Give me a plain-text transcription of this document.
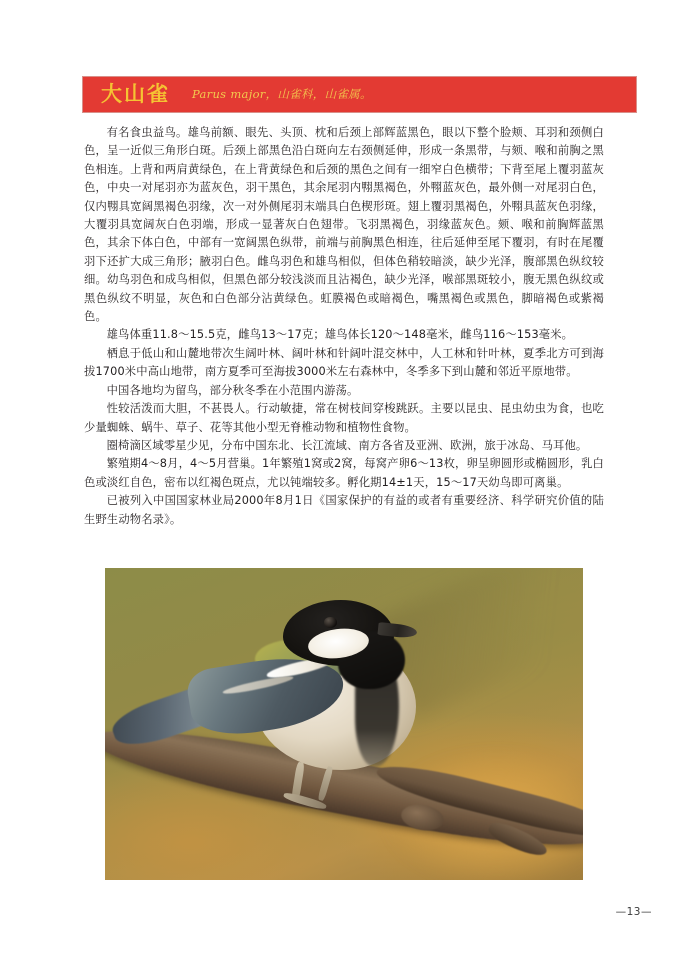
大山雀 Parus major，山雀科，山雀属。

有名食虫益鸟。雄鸟前额、眼先、头顶、枕和后颈上部辉蓝黑色，眼以下整个脸颊、耳羽和颈侧白色，呈一近似三角形白斑。后颈上部黑色沿白斑向左右颈侧延伸，形成一条黑带，与颏、喉和前胸之黑色相连。上背和两肩黄绿色，在上背黄绿色和后颈的黑色之间有一细窄白色横带；下背至尾上覆羽蓝灰色，中央一对尾羽亦为蓝灰色，羽干黑色，其余尾羽内翈黑褐色，外翈蓝灰色，最外侧一对尾羽白色，仅内翈具宽阔黑褐色羽缘，次一对外侧尾羽末端具白色楔形斑。翅上覆羽黑褐色，外翈具蓝灰色羽缘，大覆羽具宽阔灰白色羽端，形成一显著灰白色翅带。飞羽黑褐色，羽缘蓝灰色。颏、喉和前胸辉蓝黑色，其余下体白色，中部有一宽阔黑色纵带，前端与前胸黑色相连，往后延伸至尾下覆羽，有时在尾覆羽下还扩大成三角形；腋羽白色。雌鸟羽色和雄鸟相似，但体色稍较暗淡，缺少光泽，腹部黑色纵纹较细。幼鸟羽色和成鸟相似，但黑色部分较浅淡而且沾褐色，缺少光泽，喉部黑斑较小，腹无黑色纵纹或黑色纵纹不明显，灰色和白色部分沾黄绿色。虹膜褐色或暗褐色，嘴黑褐色或黑色，脚暗褐色或紫褐色。

雄鸟体重11.8～15.5克，雌鸟13～17克；雄鸟体长120～148毫米，雌鸟116～153毫米。

栖息于低山和山麓地带次生阔叶林、阔叶林和针阔叶混交林中，人工林和针叶林，夏季北方可到海拔1700米中高山地带，南方夏季可至海拔3000米左右森林中，冬季多下到山麓和邻近平原地带。

中国各地均为留鸟，部分秋冬季在小范围内游荡。

性较活泼而大胆，不甚畏人。行动敏捷，常在树枝间穿梭跳跃。主要以昆虫、昆虫幼虫为食，也吃少量蜘蛛、蜗牛、草子、花等其他小型无脊椎动物和植物性食物。

圈椅滴区域零星少见，分布中国东北、长江流域、南方各省及亚洲、欧洲，旅于冰岛、马耳他。

繁殖期4～8月，4～5月营巢。1年繁殖1窝或2窝，每窝产卵6～13枚，卵呈卵圆形或椭圆形，乳白色或淡红自色，密布以红褐色斑点，尤以钝端较多。孵化期14±1天，15～17天幼鸟即可离巢。

已被列入中国国家林业局2000年8月1日《国家保护的有益的或者有重要经济、科学研究价值的陆生野生动物名录》。

—13—
